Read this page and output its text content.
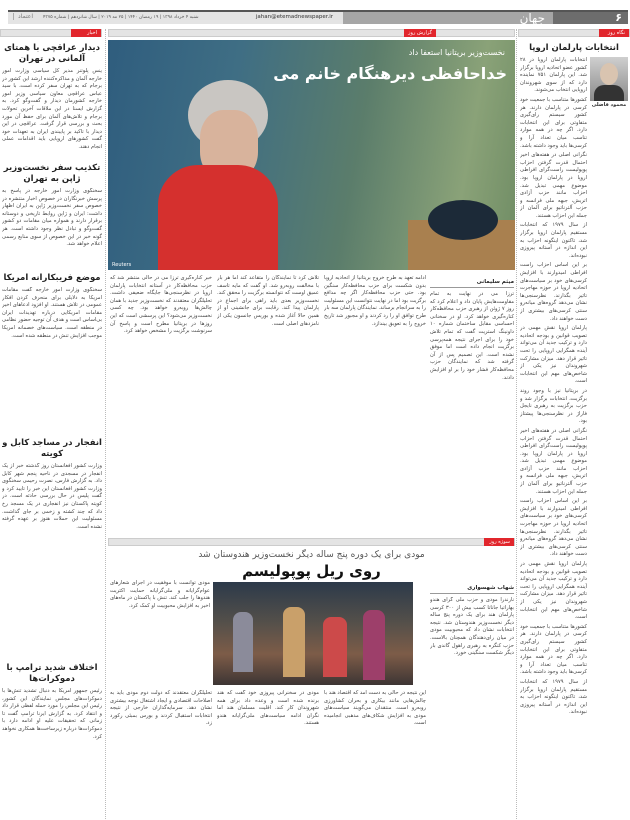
۶
جهان
jahan@etemadnewspaper.ir
شنبه ۴ خرداد ۱۳۹۸ | ۱۹ رمضان ۱۴۴۰ | ۲۵ مه ۲۰۱۹ | سال شانزدهم | شماره ۴۳۷۵
اعتماد
نگاه روز
گزارش روز
اخبار
انتخابات پارلمان اروپا
محمود فاضلی

انتخابات پارلمان اروپا در ۲۸ کشور عضو اتحادیه اروپا برگزار شد. این پارلمان ۷۵۱ نماینده دارد که از سوی شهروندان اروپایی انتخاب می‌شوند.

کشورها متناسب با جمعیت خود کرسی در پارلمان دارند. هر کشور سیستم رای‌گیری متفاوتی برای این انتخابات دارد. اگر چه در همه موارد تناسب میان تعداد آرا و کرسی‌ها باید وجود داشته باشد.

نگرانی اصلی در هفته‌های اخیر احتمال قدرت گرفتن احزاب پوپولیست راست‌گرای افراطی اروپا در پارلمان اروپا بود. موضوع مهمی تبدیل شد. احزاب مانند حزب آزادی اتریش، جبهه ملی فرانسه و حزب آلترناتیو برای آلمان از جمله این احزاب هستند.

از سال ۱۹۷۹ که انتخابات مستقیم پارلمان اروپا برگزار شد، تاکنون اینگونه احزاب به این اندازه در آستانه پیروزی نبوده‌اند.

بر این اساس احزاب راست افراطی امیدوارند با افزایش کرسی‌های خود بر سیاست‌های اتحادیه اروپا در حوزه مهاجرت تاثیر بگذارند. نظرسنجی‌ها نشان می‌دهد گروه‌های میانه‌رو سنتی کرسی‌های بیشتری از دست خواهند داد.

پارلمان اروپا نقش مهمی در تصویب قوانین و بودجه اتحادیه دارد و ترکیب جدید آن می‌تواند آینده همگرایی اروپایی را تحت تاثیر قرار دهد. میزان مشارکت شهروندان نیز یکی از شاخص‌های مهم این انتخابات است.

در بریتانیا نیز با وجود روند برگزیت، انتخابات برگزار شد و حزب برگزیت به رهبری نایجل فاراژ در نظرسنجی‌ها پیشتاز بود.

نگرانی اصلی در هفته‌های اخیر احتمال قدرت گرفتن احزاب پوپولیست راست‌گرای افراطی اروپا در پارلمان اروپا بود. موضوع مهمی تبدیل شد. احزاب مانند حزب آزادی اتریش، جبهه ملی فرانسه و حزب آلترناتیو برای آلمان از جمله این احزاب هستند.

بر این اساس احزاب راست افراطی امیدوارند با افزایش کرسی‌های خود بر سیاست‌های اتحادیه اروپا در حوزه مهاجرت تاثیر بگذارند. نظرسنجی‌ها نشان می‌دهد گروه‌های میانه‌رو سنتی کرسی‌های بیشتری از دست خواهند داد.

پارلمان اروپا نقش مهمی در تصویب قوانین و بودجه اتحادیه دارد و ترکیب جدید آن می‌تواند آینده همگرایی اروپایی را تحت تاثیر قرار دهد. میزان مشارکت شهروندان نیز یکی از شاخص‌های مهم این انتخابات است.

کشورها متناسب با جمعیت خود کرسی در پارلمان دارند. هر کشور سیستم رای‌گیری متفاوتی برای این انتخابات دارد. اگر چه در همه موارد تناسب میان تعداد آرا و کرسی‌ها باید وجود داشته باشد.

از سال ۱۹۷۹ که انتخابات مستقیم پارلمان اروپا برگزار شد، تاکنون اینگونه احزاب به این اندازه در آستانه پیروزی نبوده‌اند.

نخست‌وزیر بریتانیا استعفا داد
خداحافظی دیرهنگام خانم می
Reuters
میثم سلیمانی
ترزا می در نهایت به تمام مقاومت‌هایش پایان داد و اعلام کرد که روز ۷ ژوئن از رهبری حزب محافظه‌کار کناره‌گیری خواهد کرد. او در سخنانی احساسی مقابل ساختمان شماره ۱۰ داونینگ استریت گفت که تمام تلاش خود را برای اجرای نتیجه همه‌پرسی برگزیت انجام داده است اما موفق نشده است. این تصمیم پس از آن گرفته شد که نمایندگان حزب محافظه‌کار فشار خود را بر او افزایش دادند.
ادامه تعهد به طرح خروج بریتانیا از اتحادیه اروپا بدون شکست برای حزب محافظه‌کار سنگین بود. حتی حزب محافظه‌کار اگر چه مدافع برگزیت بود اما در نهایت نتوانست این مسئولیت را به سرانجام برساند. نمایندگان پارلمان سه بار طرح توافق او را رد کردند و او مجبور شد تاریخ خروج را به تعویق بیندازد.
تلاش کرد تا نمایندگان را متقاعد کند اما هر بار با مخالفت روبه‌رو شد. او گفت که مایه تاسف عمیق اوست که نتوانسته برگزیت را محقق کند. نخست‌وزیر بعدی باید راهی برای اجماع در پارلمان پیدا کند. رقابت برای جانشینی او از همین حالا آغاز شده و بوریس جانسون یکی از نامزدهای اصلی است.
خبر کناره‌گیری ترزا می در حالی منتشر شد که حزب محافظه‌کار در آستانه انتخابات پارلمان اروپا در نظرسنجی‌ها جایگاه ضعیفی داشت. تحلیلگران معتقدند که نخست‌وزیر جدید با همان چالش‌ها روبه‌رو خواهد بود. چه کسی نخست‌وزیر می‌شود؟ این پرسشی است که این روزها در بریتانیا مطرح است و پاسخ آن سرنوشت برگزیت را مشخص خواهد کرد.
سوژه روز
مودی برای یک دوره پنج ساله دیگر نخست‌وزیر هندوستان شد
روی ریل پوپولیسم
شهاب شهسواری
نارندرا مودی و حزب ملی گرای هندو بهاراتیا جاناتا کسب بیش از ۳۰۰ کرسی پارلمان هند برای یک دوره پنج ساله دیگر نخست‌وزیر هندوستان شد. نتیجه انتخابات نشان داد که محبوبیت مودی در میان رای‌دهندگان همچنان بالاست. حزب کنگره به رهبری راهول گاندی بار دیگر شکست سنگینی خورد.
مودی توانست با موفقیت در اجرای شعارهای عوام‌گرایانه و ملی‌گرایانه حمایت اکثریت هندوها را جلب کند. تنش با پاکستان در ماه‌های اخیر به افزایش محبوبیت او کمک کرد.
این نتیجه در حالی به دست آمد که اقتصاد هند با چالش‌هایی مانند بیکاری و بحران کشاورزی روبه‌رو است. منتقدان می‌گویند سیاست‌های مودی به افزایش شکاف‌های مذهبی انجامیده است.
مودی در سخنرانی پیروزی خود گفت که هند برنده شده است و وعده داد برای همه شهروندان کار کند. اقلیت مسلمان هند اما نگران ادامه سیاست‌های ملی‌گرایانه هندو هستند.
تحلیلگران معتقدند که دولت دوم مودی باید به اصلاحات اقتصادی و ایجاد اشتغال توجه بیشتری نشان دهد. سرمایه‌گذاران خارجی از نتیجه انتخابات استقبال کردند و بورس بمبئی رکورد زد.
دیدار عراقچی با همتای آلمانی در تهران
ینس پلوتنر مدیر کل سیاسی وزارت امور خارجه آلمان و مذاکره‌کننده ارشد این کشور در برجام که به تهران سفر کرده است، با سید عباس عراقچی معاون سیاسی وزیر امور خارجه کشورمان دیدار و گفت‌وگو کرد. به گزارش ایسنا در این ملاقات آخرین تحولات برجام و تلاش‌های آلمان برای حفظ آن مورد بحث و بررسی قرار گرفت. عراقچی در این دیدار با تاکید بر پایبندی ایران به تعهدات خود گفت کشورهای اروپایی باید اقدامات عملی انجام دهند.
تکذیب سفر نخست‌وزیر ژاپن به تهران
سخنگوی وزارت امور خارجه در پاسخ به پرسش خبرنگاران در خصوص اخبار منتشره در خصوص سفر نخست‌وزیر ژاپن به ایران اظهار داشت: ایران و ژاپن روابط تاریخی و دوستانه برقرار دارند و همواره میان مقامات دو کشور گفت‌وگو و تبادل نظر وجود داشته است. هر گونه خبر در این خصوص از سوی منابع رسمی اعلام خواهد شد.
موضع فریبکارانه امریکا
سخنگوی وزارت امور خارجه گفت مقامات امریکا به دلایلی برای منحرف کردن افکار عمومی در تلاش هستند. او افزود ادعاهای اخیر مقامات امریکایی درباره تهدیدات ایران بی‌اساس است و هدف آن توجیه حضور نظامی در منطقه است. سیاست‌های خصمانه امریکا موجب افزایش تنش در منطقه شده است.
انفجار در مساجد کابل و کویته
وزارت کشور افغانستان روز گذشته خبر از یک انفجار در مسجدی در ناحیه پنجم شهر کابل داد. به گزارش فارس، نصرت رحیمی سخنگوی وزارت کشور افغانستان این خبر را تایید کرد و گفت پلیس در حال بررسی حادثه است. در کویته پاکستان نیز انفجاری در یک مسجد رخ داد که چند کشته و زخمی بر جای گذاشت. مسئولیت این حملات هنوز بر عهده گرفته نشده است.
اختلاف شدید ترامپ با دموکرات‌ها
رئیس جمهور امریکا به دنبال تشدید تنش‌ها با دموکرات‌های مجلس نمایندگان این کشور، رئیس این مجلس را مورد حمله لفظی قرار داد و انتقاد کرد. به گزارش ایرنا ترامپ گفت تا زمانی که تحقیقات علیه او ادامه دارد با دموکرات‌ها درباره زیرساخت‌ها همکاری نخواهد کرد.
